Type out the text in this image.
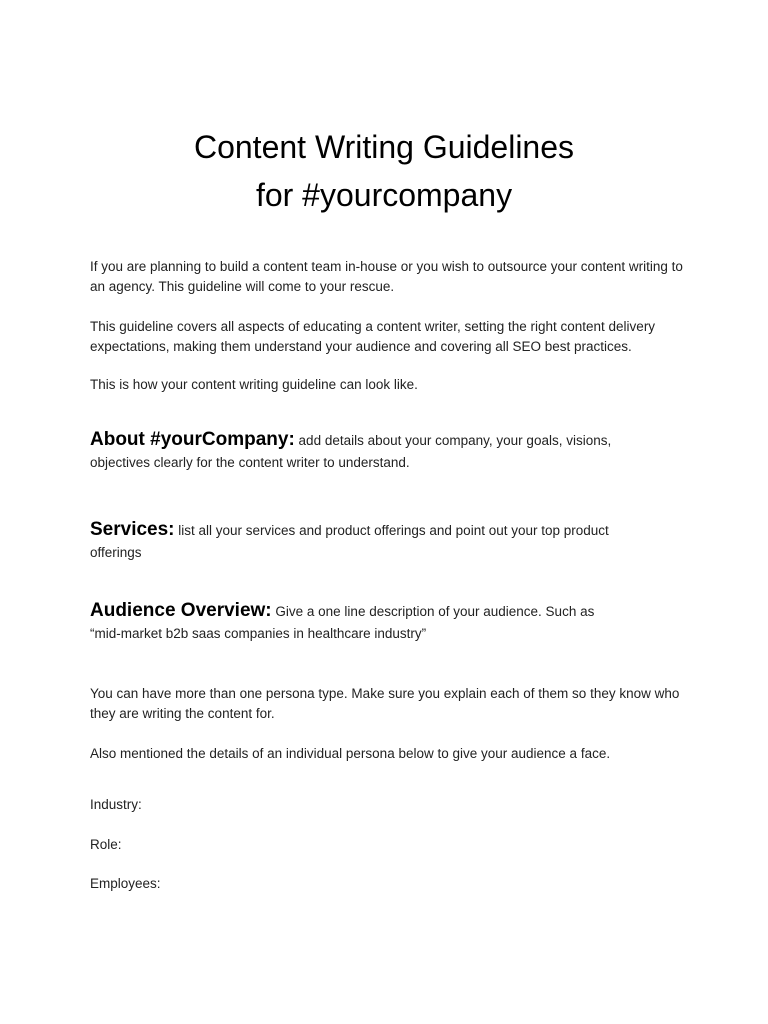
Content Writing Guidelines
for #yourcompany
If you are planning to build a content team in-house or you wish to outsource your content writing to an agency. This guideline will come to your rescue.
This guideline covers all aspects of educating a content writer, setting the right content delivery expectations, making them understand your audience and covering all SEO best practices.
This is how your content writing guideline can look like.
About #yourCompany: add details about your company, your goals, visions,
objectives clearly for the content writer to understand.
Services: list all your services and product offerings and point out your top product
offerings
Audience Overview: Give a one line description of your audience. Such as
“mid-market b2b saas companies in healthcare industry”
You can have more than one persona type. Make sure you explain each of them so they know who they are writing the content for.
Also mentioned the details of an individual persona below to give your audience a face.
Industry:
Role:
Employees:
